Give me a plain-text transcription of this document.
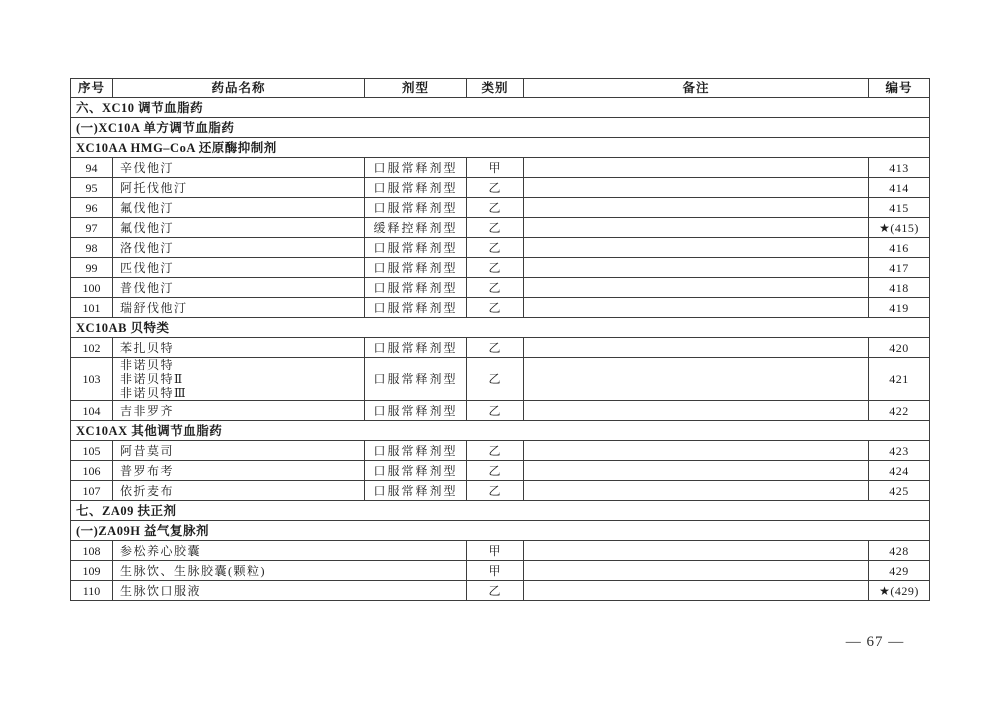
序号	药品名称	剂型	类别	备注	编号
六、XC10 调节血脂药					
(一)XC10A 单方调节血脂药					
XC10AA HMG–CoA 还原酶抑制剂					
94	辛伐他汀	口服常释剂型	甲		413
95	阿托伐他汀	口服常释剂型	乙		414
96	氟伐他汀	口服常释剂型	乙		415
97	氟伐他汀	缓释控释剂型	乙		★(415)
98	洛伐他汀	口服常释剂型	乙		416
99	匹伐他汀	口服常释剂型	乙		417
100	普伐他汀	口服常释剂型	乙		418
101	瑞舒伐他汀	口服常释剂型	乙		419
XC10AB 贝特类					
102	苯扎贝特	口服常释剂型	乙		420
103	非诺贝特
非诺贝特Ⅱ
非诺贝特Ⅲ	口服常释剂型	乙		421
104	吉非罗齐	口服常释剂型	乙		422
XC10AX 其他调节血脂药					
105	阿昔莫司	口服常释剂型	乙		423
106	普罗布考	口服常释剂型	乙		424
107	依折麦布	口服常释剂型	乙		425
七、ZA09 扶正剂					
(一)ZA09H 益气复脉剂					
108	参松养心胶囊		甲		428
109	生脉饮、生脉胶囊(颗粒)		甲		429
110	生脉饮口服液		乙		★(429)
— 67 —
